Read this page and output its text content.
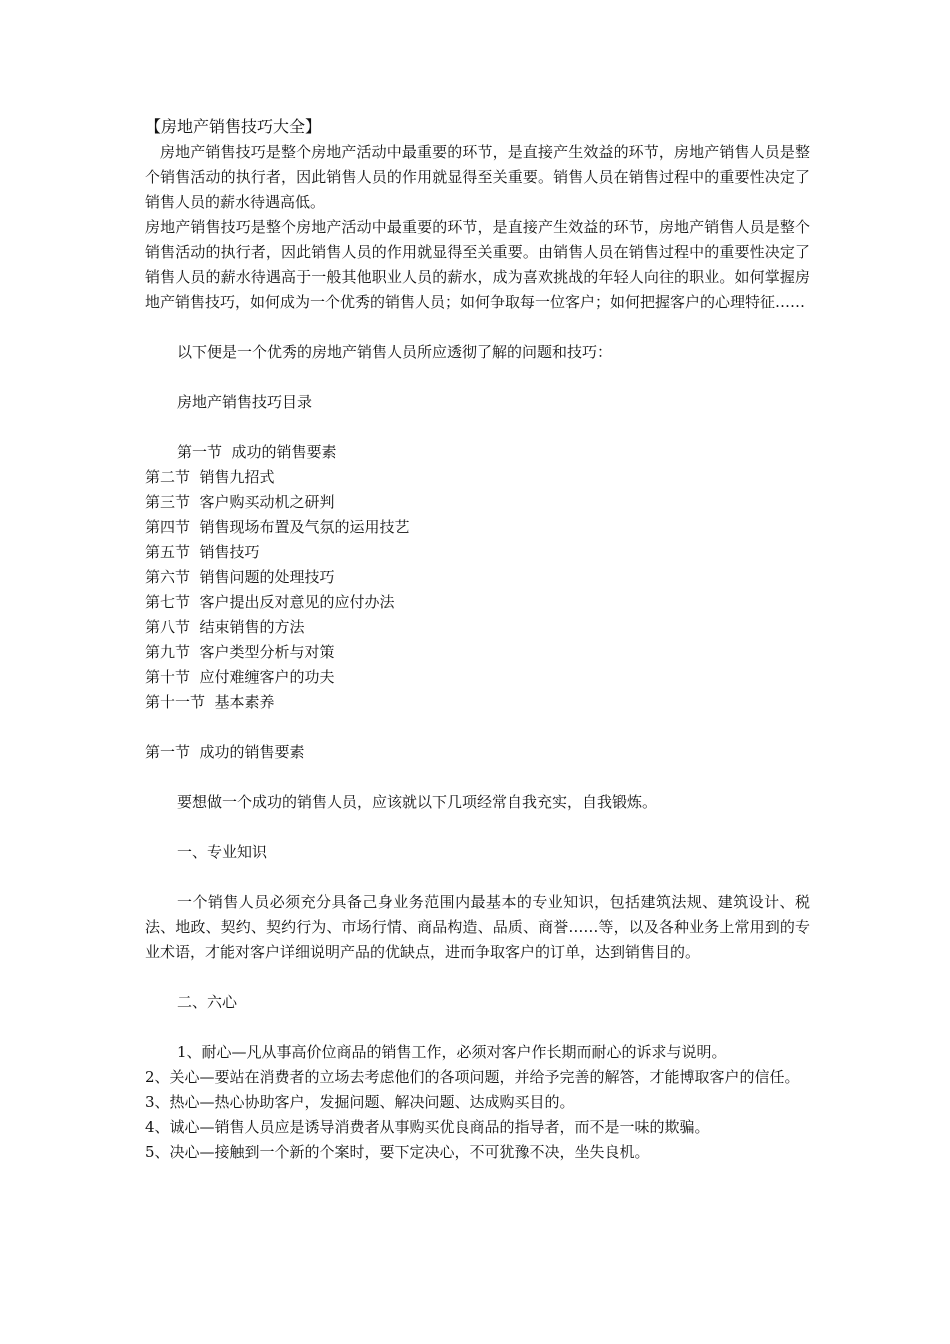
【房地产销售技巧大全】

房地产销售技巧是整个房地产活动中最重要的环节，是直接产生效益的环节，房地产销售人员是整个销售活动的执行者，因此销售人员的作用就显得至关重要。销售人员在销售过程中的重要性决定了销售人员的薪水待遇高低。

房地产销售技巧是整个房地产活动中最重要的环节，是直接产生效益的环节，房地产销售人员是整个销售活动的执行者，因此销售人员的作用就显得至关重要。由销售人员在销售过程中的重要性决定了销售人员的薪水待遇高于一般其他职业人员的薪水，成为喜欢挑战的年轻人向往的职业。如何掌握房地产销售技巧，如何成为一个优秀的销售人员；如何争取每一位客户；如何把握客户的心理特征……

以下便是一个优秀的房地产销售人员所应透彻了解的问题和技巧：

房地产销售技巧目录

第一节  成功的销售要素

第二节  销售九招式

第三节  客户购买动机之研判

第四节  销售现场布置及气氛的运用技艺

第五节  销售技巧

第六节  销售问题的处理技巧

第七节  客户提出反对意见的应付办法

第八节  结束销售的方法

第九节  客户类型分析与对策

第十节  应付难缠客户的功夫

第十一节  基本素养

第一节  成功的销售要素

要想做一个成功的销售人员，应该就以下几项经常自我充实，自我锻炼。

一、专业知识

一个销售人员必须充分具备己身业务范围内最基本的专业知识，包括建筑法规、建筑设计、税法、地政、契约、契约行为、市场行情、商品构造、品质、商誉……等，以及各种业务上常用到的专业术语，才能对客户详细说明产品的优缺点，进而争取客户的订单，达到销售目的。

二、六心

1、耐心—凡从事高价位商品的销售工作，必须对客户作长期而耐心的诉求与说明。

2、关心—要站在消费者的立场去考虑他们的各项问题，并给予完善的解答，才能博取客户的信任。

3、热心—热心协助客户，发掘问题、解决问题、达成购买目的。

4、诚心—销售人员应是诱导消费者从事购买优良商品的指导者，而不是一味的欺骗。

5、决心—接触到一个新的个案时，要下定决心，不可犹豫不决，坐失良机。
